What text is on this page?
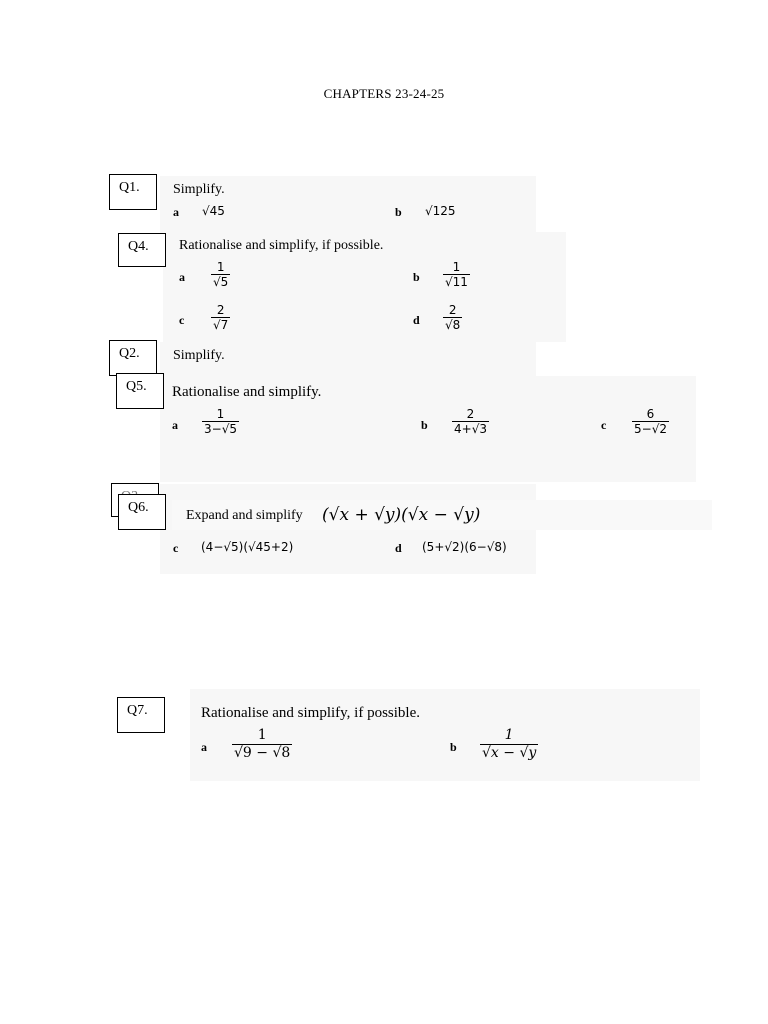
CHAPTERS 23-24-25
Simplify.
a √45	b √125
Q1.
Rationalise and simplify, if possible.
a $\frac{1}{√5}$	b $\frac{1}{√11}$
c $\frac{2}{√7}$	d $\frac{2}{√8}$
Q4.
Simplify.
Q2.
Rationalise and simplify.
a $\frac{1}{3-√5}$	b $\frac{2}{4+√3}$	c $\frac{6}{5-√2}$
Q5.
c (4−√5)(√45+2)	d (5+√2)(6−√8)
Expand and simplify (√x + √y)(√x − √y)
Q6.
Rationalise and simplify, if possible.
a $\frac{1}{√9 - √8}$	b $\frac{1}{√x - √y}$
Q7.
